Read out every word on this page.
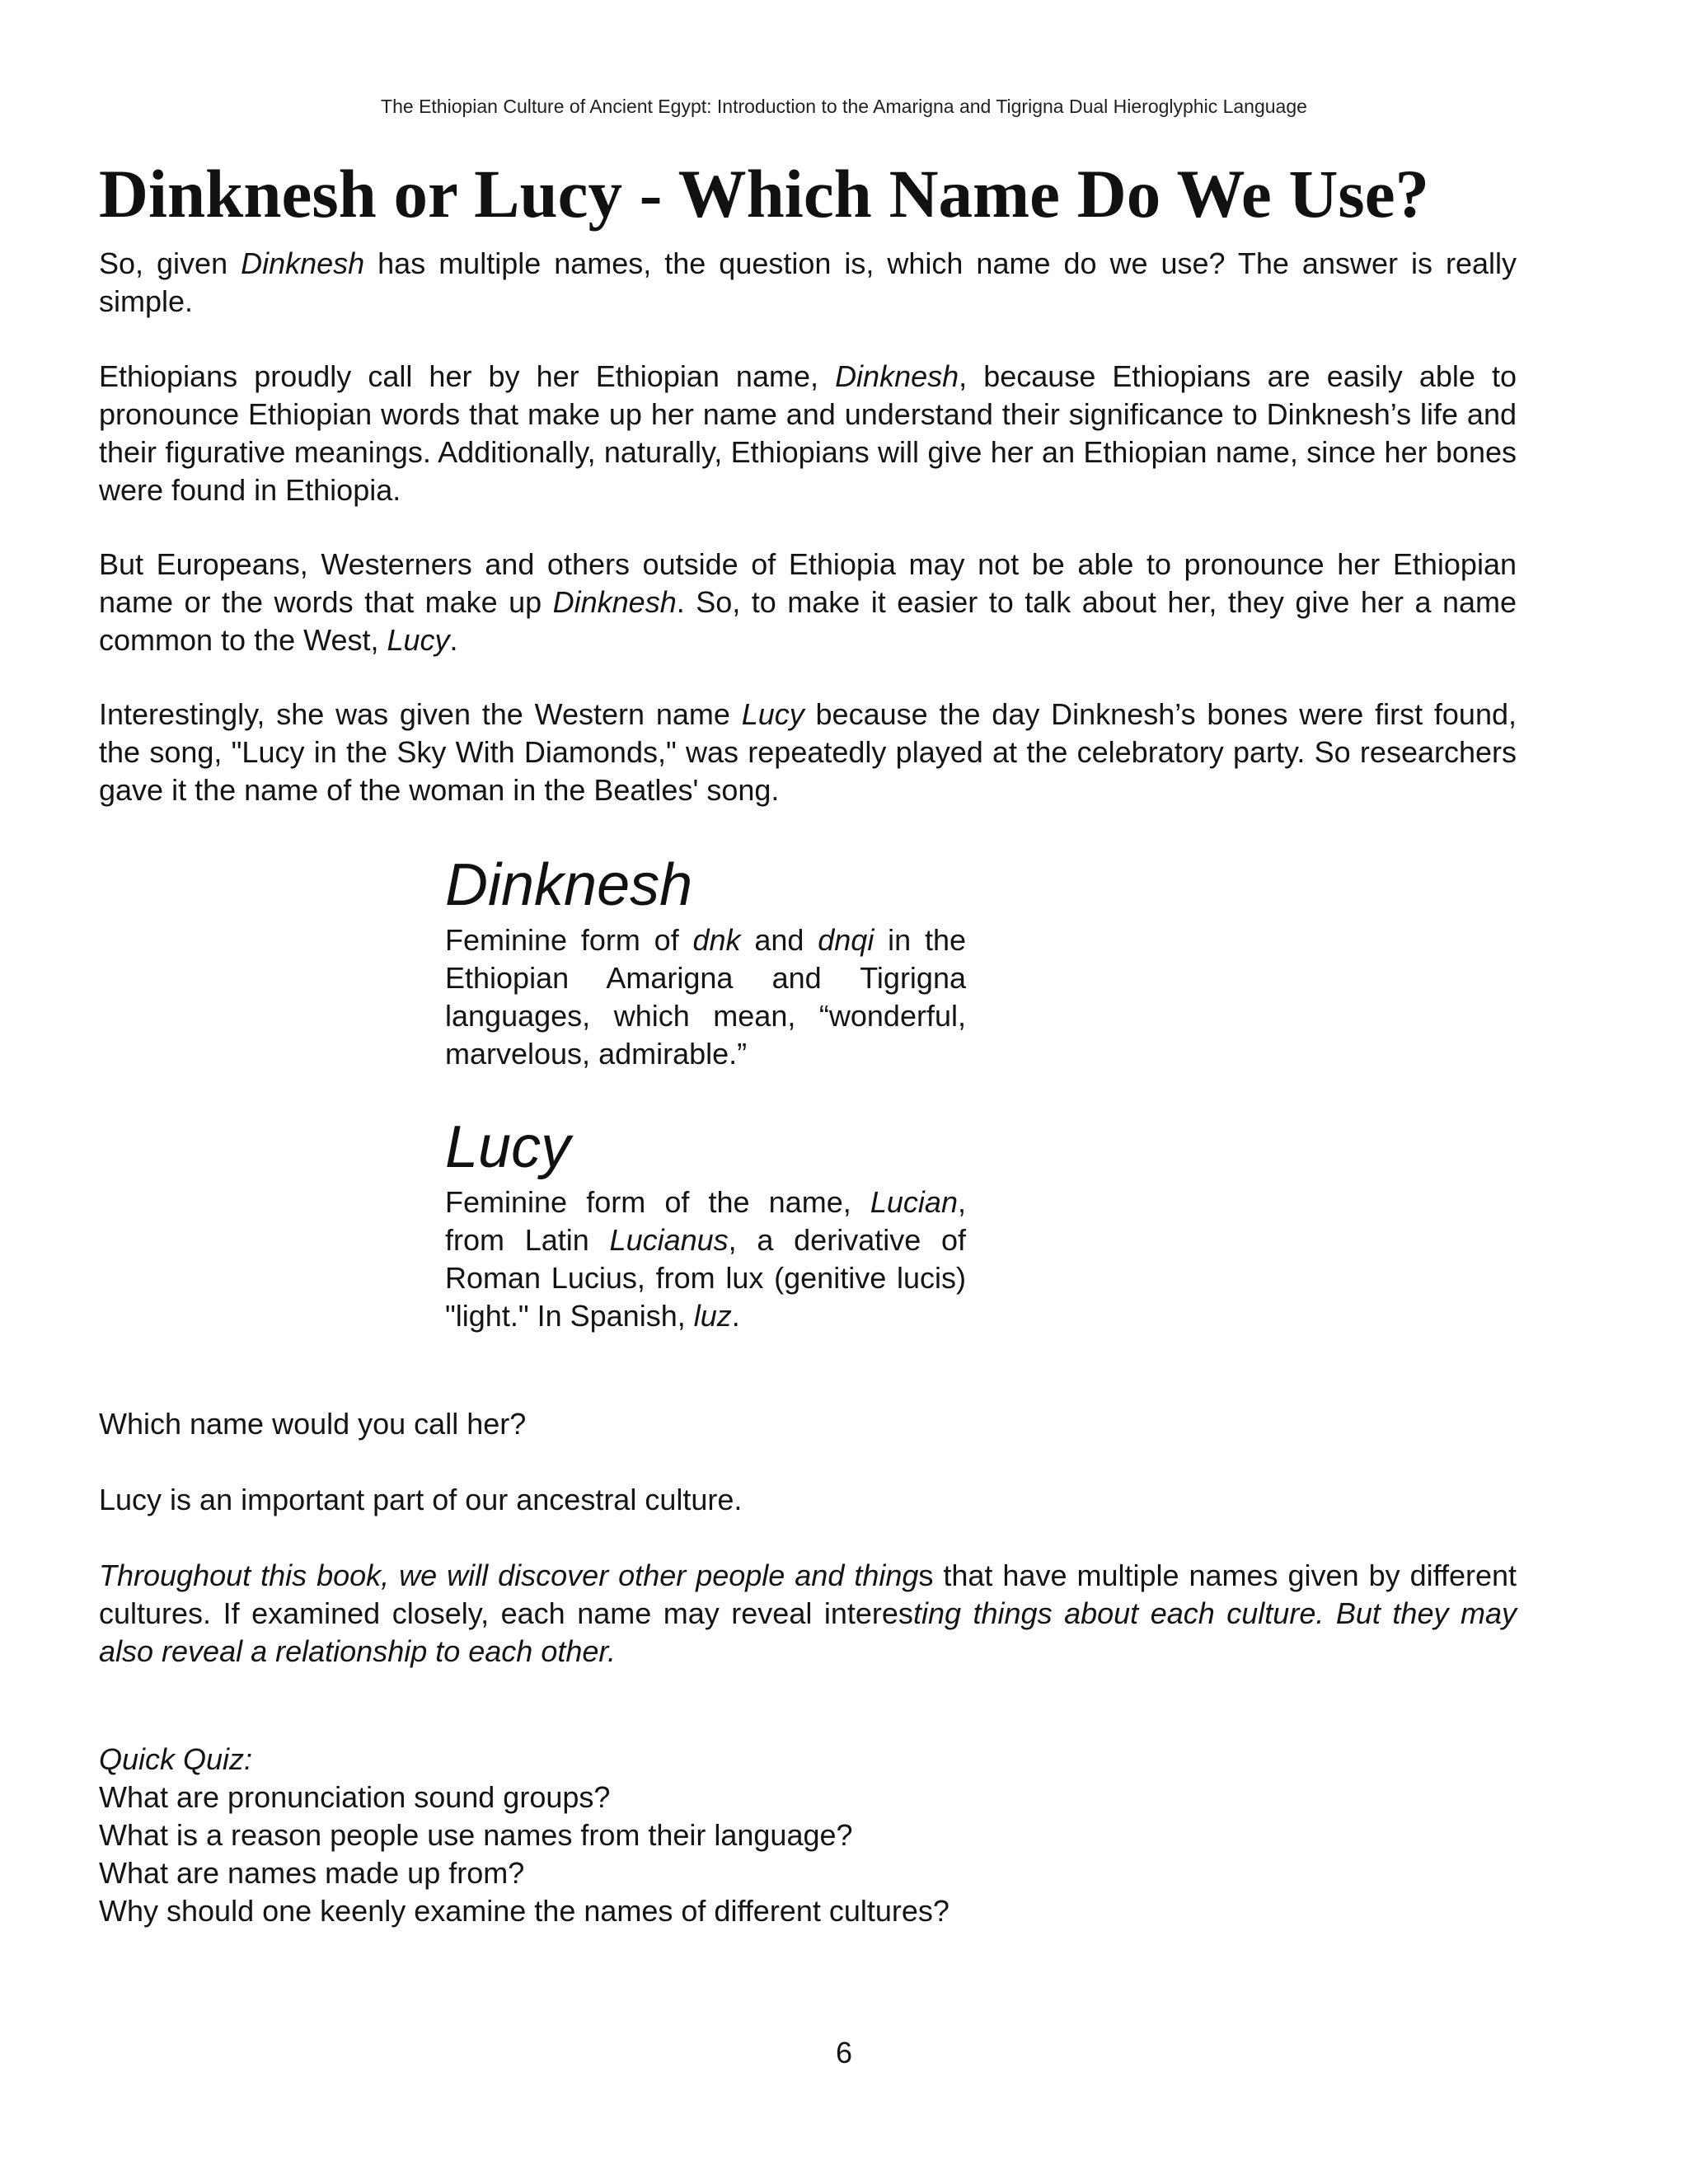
The Ethiopian Culture of Ancient Egypt: Introduction to the Amarigna and Tigrigna Dual Hieroglyphic Language
Dinknesh or Lucy - Which Name Do We Use?

So, given Dinknesh has multiple names, the question is, which name do we use? The answer is really simple.

Ethiopians proudly call her by her Ethiopian name, Dinknesh, because Ethiopians are easily able to pronounce Ethiopian words that make up her name and understand their significance to Dinknesh’s life and their figurative meanings. Additionally, naturally, Ethiopians will give her an Ethiopian name, since her bones were found in Ethiopia.

But Europeans, Westerners and others outside of Ethiopia may not be able to pronounce her Ethiopian name or the words that make up Dinknesh. So, to make it easier to talk about her, they give her a name common to the West, Lucy.

Interestingly, she was given the Western name Lucy because the day Dinknesh’s bones were first found, the song, "Lucy in the Sky With Diamonds," was repeatedly played at the celebratory party. So researchers gave it the name of the woman in the Beatles' song.

Dinknesh

Feminine form of dnk and dnqi in the Ethiopian Amarigna and Tigrigna languages, which mean, “wonderful, marvelous, admirable.”

Lucy

Feminine form of the name, Lucian, from Latin Lucianus, a derivative of Roman Lucius, from lux (genitive lucis) "light." In Spanish, luz.

Which name would you call her?

Lucy is an important part of our ancestral culture.

Throughout this book, we will discover other people and things that have multiple names given by different cultures. If examined closely, each name may reveal interesting things about each culture. But they may also reveal a relationship to each other.

Quick Quiz:

What are pronunciation sound groups?

What is a reason people use names from their language?

What are names made up from?

Why should one keenly examine the names of different cultures?

6
